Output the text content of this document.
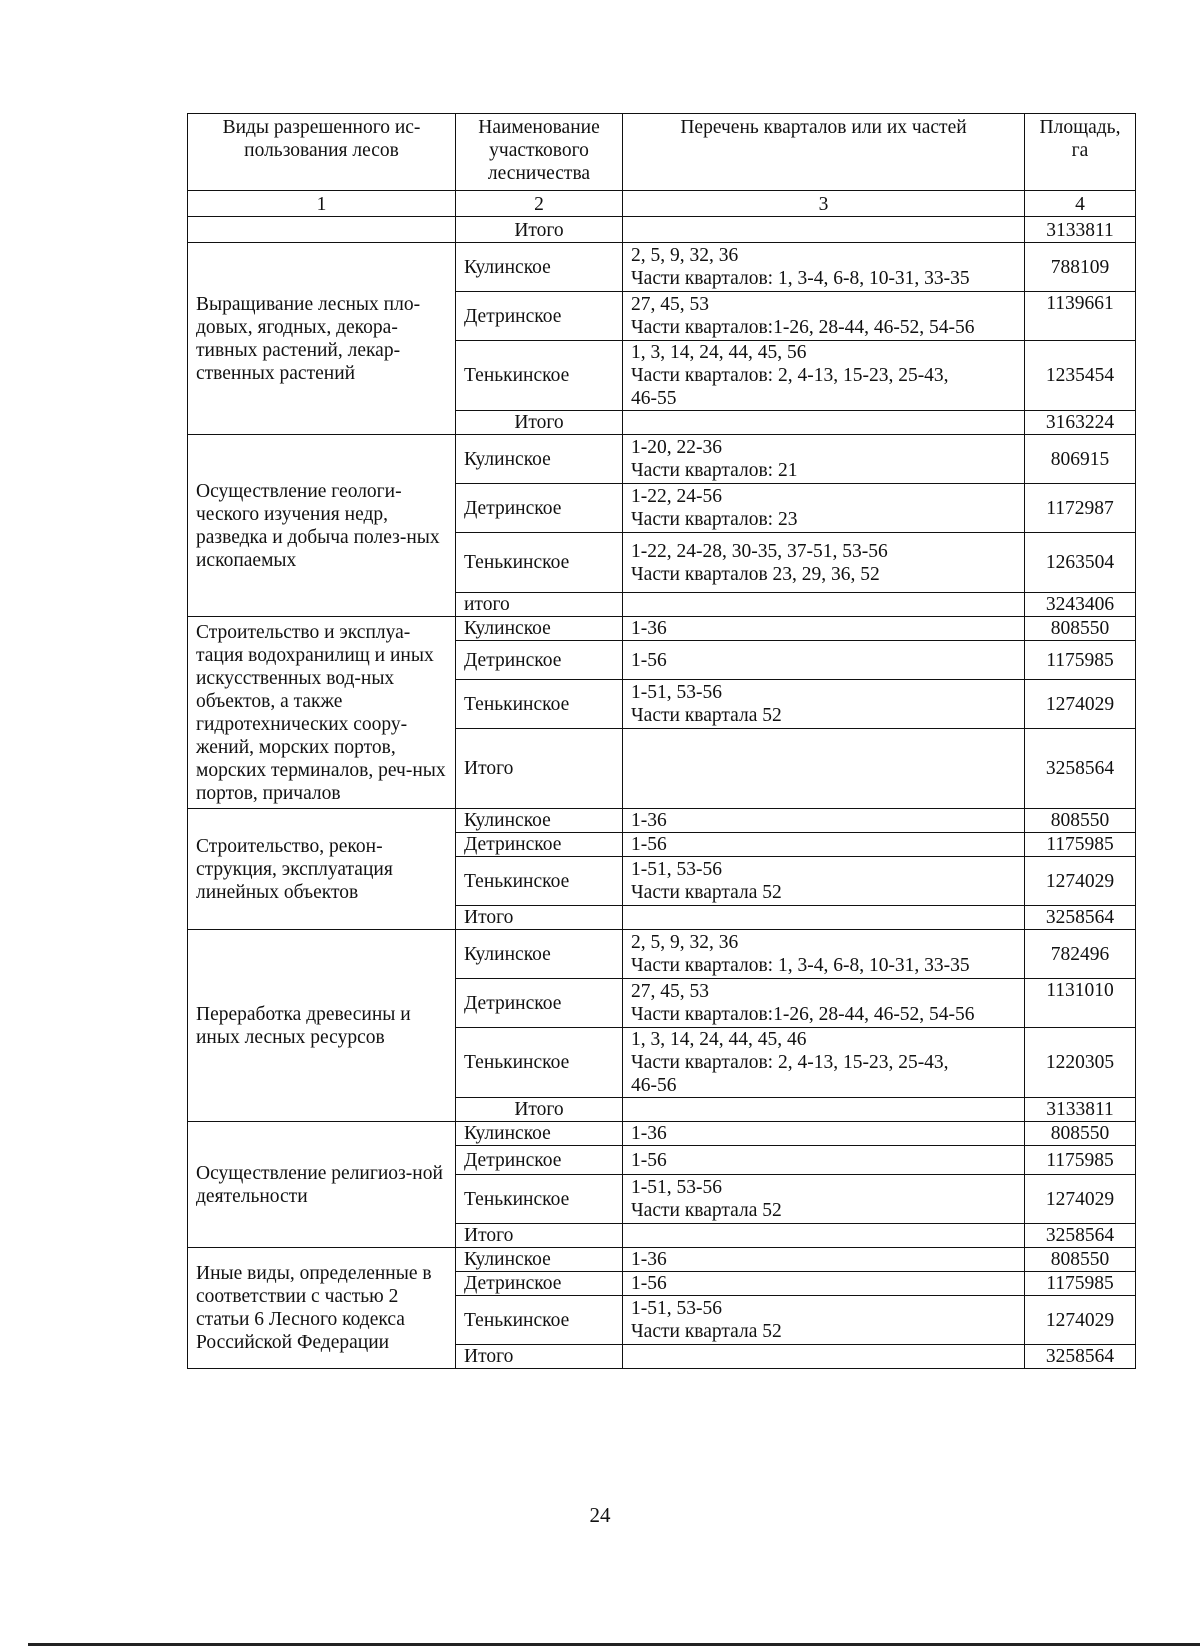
Виды разрешенного ис-пользования лесов	Наименование участкового лесничества	Перечень кварталов или их частей	Площадь, га
1	2	3	4
	Итого		3133811
Выращивание лесных пло-довых, ягодных, декора-тивных растений, лекар-ственных растений	Кулинское	2, 5, 9, 32, 36
Части кварталов: 1, 3-4, 6-8, 10-31, 33-35	788109
	Детринское	27, 45, 53
Части кварталов:1-26, 28-44, 46-52, 54-56	1139661
	Тенькинское	1, 3, 14, 24, 44, 45, 56
Части кварталов: 2, 4-13, 15-23, 25-43,
46-55	1235454
	Итого		3163224
Осуществление геологи-ческого изучения недр, разведка и добыча полез-ных ископаемых	Кулинское	1-20, 22-36
Части кварталов: 21	806915
	Детринское	1-22, 24-56
Части кварталов: 23	1172987
	Тенькинское	1-22, 24-28, 30-35, 37-51, 53-56
Части кварталов 23, 29, 36, 52	1263504
	итого		3243406
Строительство и эксплуа-тация водохранилищ и иных искусственных вод-ных объектов, а также гидротехнических соору-жений, морских портов, морских терминалов, реч-ных портов, причалов	Кулинское	1-36	808550
	Детринское	1-56	1175985
	Тенькинское	1-51, 53-56
Части квартала 52	1274029
	Итого		3258564
Строительство, рекон-струкция, эксплуатация линейных объектов	Кулинское	1-36	808550
	Детринское	1-56	1175985
	Тенькинское	1-51, 53-56
Части квартала 52	1274029
	Итого		3258564
Переработка древесины и иных лесных ресурсов	Кулинское	2, 5, 9, 32, 36
Части кварталов: 1, 3-4, 6-8, 10-31, 33-35	782496
	Детринское	27, 45, 53
Части кварталов:1-26, 28-44, 46-52, 54-56	1131010
	Тенькинское	1, 3, 14, 24, 44, 45, 46
Части кварталов: 2, 4-13, 15-23, 25-43,
46-56	1220305
	Итого		3133811
Осуществление религиоз-ной деятельности	Кулинское	1-36	808550
	Детринское	1-56	1175985
	Тенькинское	1-51, 53-56
Части квартала 52	1274029
	Итого		3258564
Иные виды, определенные в соответствии с частью 2 статьи 6 Лесного кодекса Российской Федерации	Кулинское	1-36	808550
	Детринское	1-56	1175985
	Тенькинское	1-51, 53-56
Части квартала 52	1274029
	Итого		3258564
24
